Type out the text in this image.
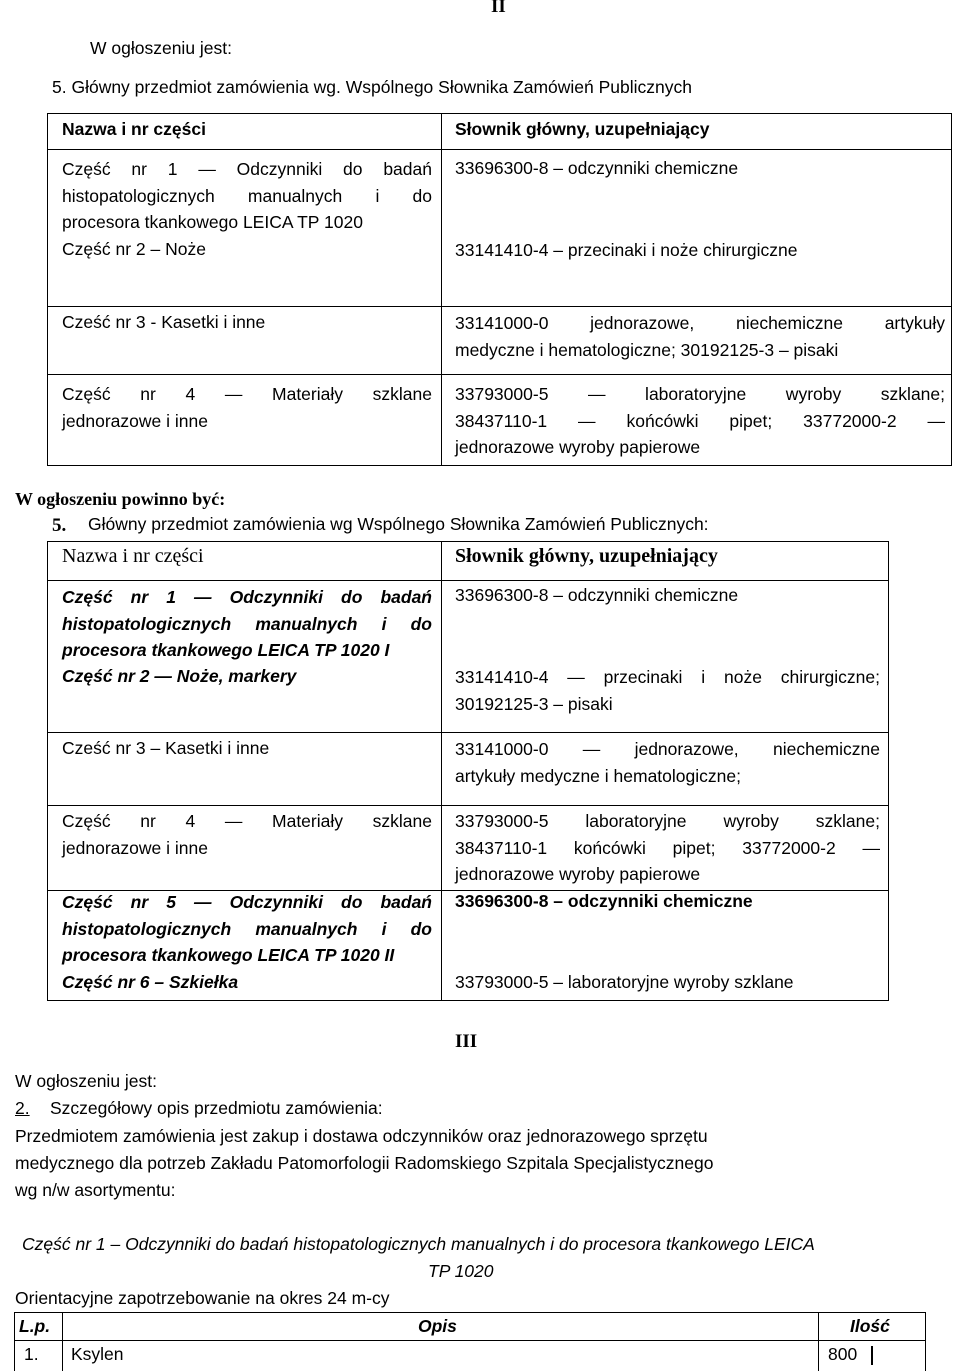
II
W ogłoszeniu jest:
5. Główny przedmiot zamówienia wg. Wspólnego Słownika Zamówień Publicznych
Nazwa i nr części	Słownik główny, uzupełniający
Część nr 1 — Odczynniki do badań
histopatologicznych manualnych i do
procesora tkankowego LEICA TP 1020
33696300-8 – odczynniki chemiczne
Część nr 2 – Noże	33141410-4 – przecinaki i noże chirurgiczne
Cześć nr 3 - Kasetki i inne	33141000-0 jednorazowe, niechemiczne artykuły
medyczne i hematologiczne; 30192125-3 – pisaki
Część nr 4 — Materiały szklane
jednorazowe i inne
33793000-5 — laboratoryjne wyroby szklane;
38437110-1 — końcówki pipet; 33772000-2 —
jednorazowe wyroby papierowe
W ogłoszeniu powinno być:
5. Główny przedmiot zamówienia wg Wspólnego Słownika Zamówień Publicznych:
Nazwa i nr części	Słownik główny, uzupełniający
Część nr 1 — Odczynniki do badań
histopatologicznych manualnych i do
procesora tkankowego LEICA TP 1020 I
33696300-8 – odczynniki chemiczne
Część nr 2 — Noże, markery	33141410-4 — przecinaki i noże chirurgiczne;
30192125-3 – pisaki
Cześć nr 3 – Kasetki i inne	33141000-0 — jednorazowe, niechemiczne
artykuły medyczne i hematologiczne;
Część nr 4 — Materiały szklane
jednorazowe i inne
33793000-5 laboratoryjne wyroby szklane;
38437110-1 końcówki pipet; 33772000-2 —
jednorazowe wyroby papierowe
Część nr 5 — Odczynniki do badań
histopatologicznych manualnych i do
procesora tkankowego LEICA TP 1020 II
33696300-8 – odczynniki chemiczne
Część nr 6 – Szkiełka	33793000-5 – laboratoryjne wyroby szklane
III
W ogłoszeniu jest:
2. Szczegółowy opis przedmiotu zamówienia:
Przedmiotem zamówienia jest zakup i dostawa odczynników oraz jednorazowego sprzętu
medycznego dla potrzeb Zakładu Patomorfologii Radomskiego Szpitala Specjalistycznego
wg n/w asortymentu:
Część nr 1 – Odczynniki do badań histopatologicznych manualnych i do procesora tkankowego LEICA
TP 1020
Orientacyjne zapotrzebowanie na okres 24 m-cy
L.p.	Opis	Ilość
1. Ksylen	800
